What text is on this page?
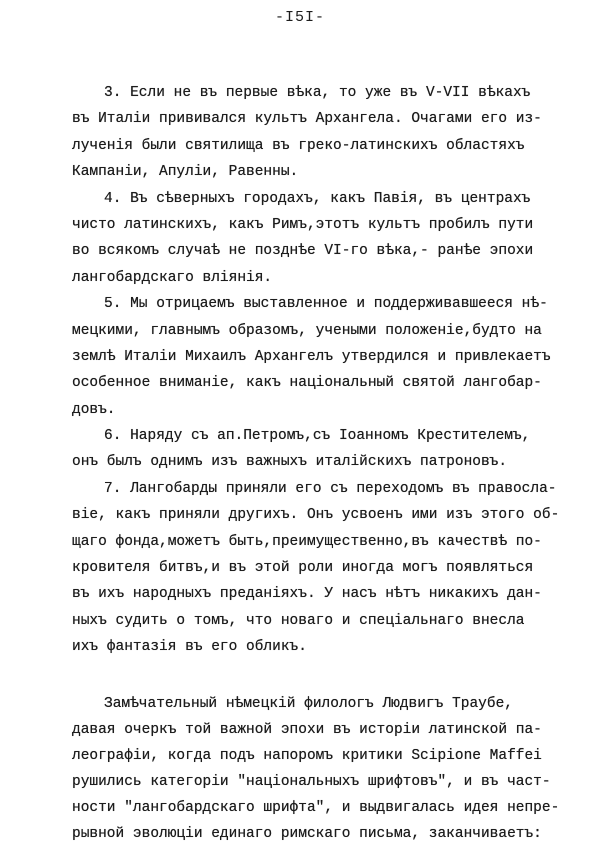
-I5I-
3. Если не въ первые вѣка, то уже въ V-VII вѣкахъ
въ Италіи прививался культъ Архангела. Очагами его из-
лученія были святилища въ греко-латинскихъ областяхъ
Кампаніи, Апуліи, Равенны.
4. Въ сѣверныхъ городахъ, какъ Павія, въ центрахъ
чисто латинскихъ, какъ Римъ,этотъ культъ пробилъ пути
во всякомъ случаѣ не позднѣе VI-го вѣка,- ранѣе эпохи
лангобардскаго вліянія.
5. Мы отрицаемъ выставленное и поддерживавшееся нѣ-
мецкими, главнымъ образомъ, учеными положеніе,будто на
землѣ Италіи Михаилъ Архангелъ утвердился и привлекаетъ
особенное вниманіе, какъ національный святой лангобар-
довъ.
6. Наряду съ ап.Петромъ,съ Іоанномъ Крестителемъ,
онъ былъ однимъ изъ важныхъ италійскихъ патроновъ.
7. Лангобарды приняли его съ переходомъ въ правосла-
віе, какъ приняли другихъ. Онъ усвоенъ ими изъ этого об-
щаго фонда,можетъ быть,преимущественно,въ качествѣ по-
кровителя битвъ,и въ этой роли иногда могъ появляться
въ ихъ народныхъ преданіяхъ. У насъ нѣтъ никакихъ дан-
ныхъ судить о томъ, что новаго и спеціальнаго внесла
ихъ фантазія въ его обликъ.
Замѣчательный нѣмецкій филологъ Людвигъ Траубе,
давая очеркъ той важной эпохи въ исторіи латинской па-
леографіи, когда подъ напоромъ критики Scipione Maffei
рушились категоріи "національныхъ шрифтовъ", и въ част-
ности "лангобардскаго шрифта", и выдвигалась идея непре-
рывной эволюціи единаго римскаго письма, заканчиваетъ:
